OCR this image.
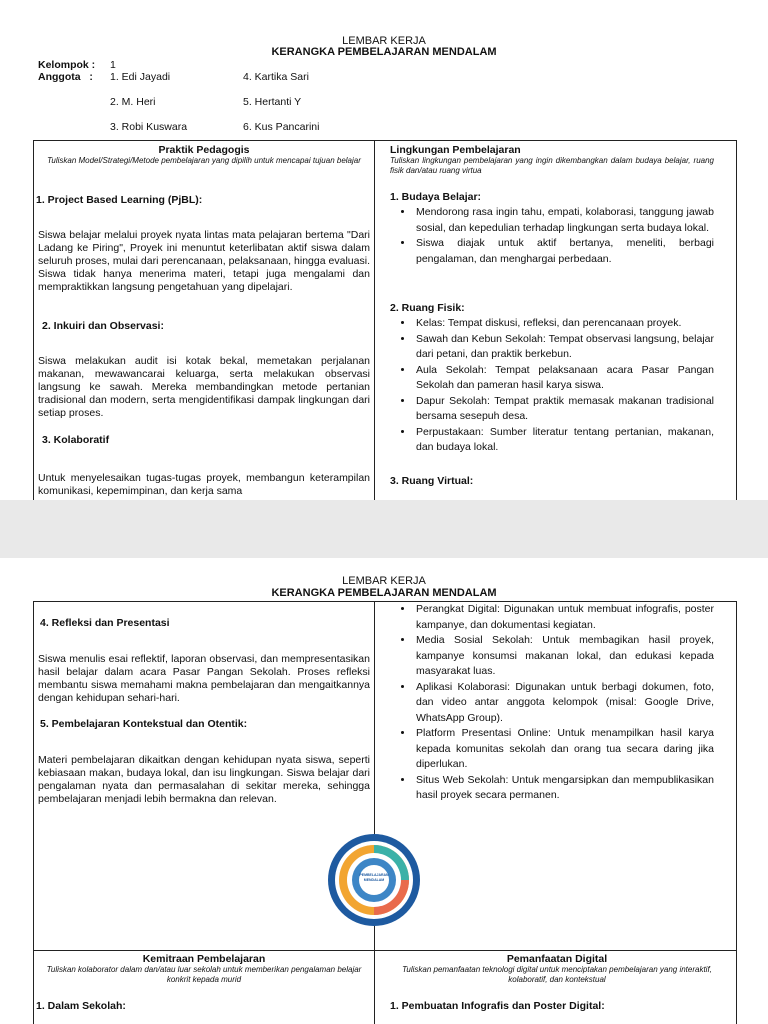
LEMBAR KERJA
KERANGKA PEMBELAJARAN MENDALAM
Kelompok : 1
Anggota   : 1. Edi Jayadi
2. M. Heri
3. Robi Kuswara
4. Kartika Sari
5. Hertanti Y
6. Kus Pancarini
Praktik Pedagogis
Tuliskan Model/Strategi/Metode pembelajaran yang dipilih untuk mencapai tujuan belajar
1. Project Based Learning (PjBL):
Siswa belajar melalui proyek nyata lintas mata pelajaran bertema "Dari Ladang ke Piring", Proyek ini menuntut keterlibatan aktif siswa dalam seluruh proses, mulai dari perencanaan, pelaksanaan, hingga evaluasi. Siswa tidak hanya menerima materi, tetapi juga mengalami dan mempraktikkan langsung pengetahuan yang dipelajari.
2. Inkuiri dan Observasi:
Siswa melakukan audit isi kotak bekal, memetakan perjalanan makanan, mewawancarai keluarga, serta melakukan observasi langsung ke sawah. Mereka membandingkan metode pertanian tradisional dan modern, serta mengidentifikasi dampak lingkungan dari setiap proses.
3. Kolaboratif
Untuk menyelesaikan tugas-tugas proyek, membangun keterampilan komunikasi, kepemimpinan, dan kerja sama
Lingkungan Pembelajaran
Tuliskan lingkungan pembelajaran yang ingin dikembangkan dalam budaya belajar, ruang fisik dan/atau ruang virtua
1. Budaya Belajar:
• Mendorong rasa ingin tahu, empati, kolaborasi, tanggung jawab sosial, dan kepedulian terhadap lingkungan serta budaya lokal.
• Siswa diajak untuk aktif bertanya, meneliti, berbagi pengalaman, dan menghargai perbedaan.
2. Ruang Fisik:
• Kelas: Tempat diskusi, refleksi, dan perencanaan proyek.
• Sawah dan Kebun Sekolah: Tempat observasi langsung, belajar dari petani, dan praktik berkebun.
• Aula Sekolah: Tempat pelaksanaan acara Pasar Pangan Sekolah dan pameran hasil karya siswa.
• Dapur Sekolah: Tempat praktik memasak makanan tradisional bersama sesepuh desa.
• Perpustakaan: Sumber literatur tentang pertanian, makanan, dan budaya lokal.
3. Ruang Virtual:
LEMBAR KERJA
KERANGKA PEMBELAJARAN MENDALAM
4. Refleksi dan Presentasi
Siswa menulis esai reflektif, laporan observasi, dan mempresentasikan hasil belajar dalam acara Pasar Pangan Sekolah. Proses refleksi membantu siswa memahami makna pembelajaran dan mengaitkannya dengan kehidupan sehari-hari.
5. Pembelajaran Kontekstual dan Otentik:
Materi pembelajaran dikaitkan dengan kehidupan nyata siswa, seperti kebiasaan makan, budaya lokal, dan isu lingkungan. Siswa belajar dari pengalaman nyata dan permasalahan di sekitar mereka, sehingga pembelajaran menjadi lebih bermakna dan relevan.
• Perangkat Digital: Digunakan untuk membuat infografis, poster kampanye, dan dokumentasi kegiatan.
• Media Sosial Sekolah: Untuk membagikan hasil proyek, kampanye konsumsi makanan lokal, dan edukasi kepada masyarakat luas.
• Aplikasi Kolaborasi: Digunakan untuk berbagi dokumen, foto, dan video antar anggota kelompok (misal: Google Drive, WhatsApp Group).
• Platform Presentasi Online: Untuk menampilkan hasil karya kepada komunitas sekolah dan orang tua secara daring jika diperlukan.
• Situs Web Sekolah: Untuk mengarsipkan dan mempublikasikan hasil proyek secara permanen.
PEMBELAJARAN MENDALAM
Kemitraan Pembelajaran
Tuliskan kolaborator dalam dan/atau luar sekolah untuk memberikan pengalaman belajar konkrit kepada murid
1. Dalam Sekolah:
Pemanfaatan Digital
Tuliskan pemanfaatan teknologi digital untuk menciptakan pembelajaran yang interaktif, kolaboratif, dan kontekstual
1. Pembuatan Infografis dan Poster Digital:
